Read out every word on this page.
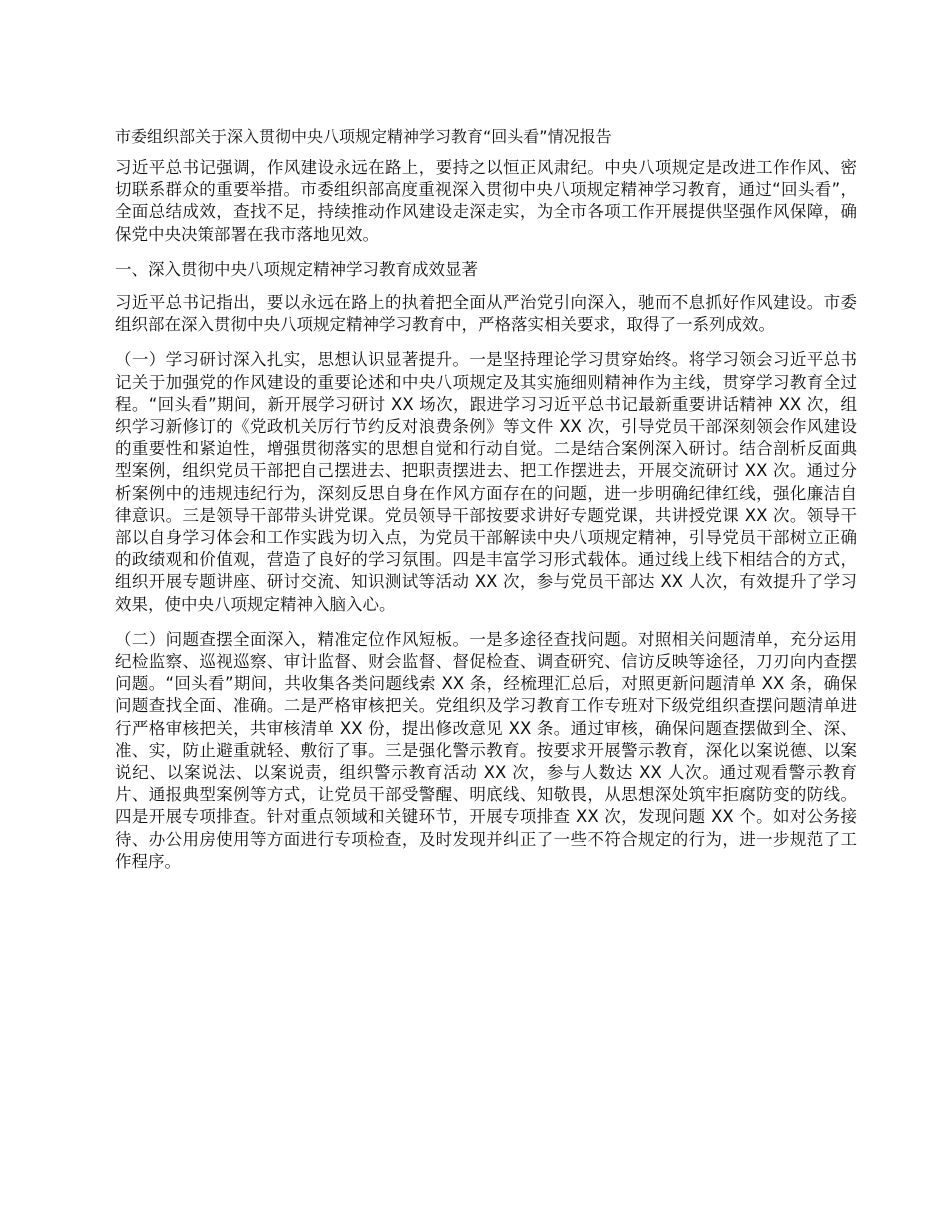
市委组织部关于深入贯彻中央八项规定精神学习教育“回头看”情况报告

习近平总书记强调，作风建设永远在路上，要持之以恒正风肃纪。中央八项规定是改进工作作风、密切联系群众的重要举措。市委组织部高度重视深入贯彻中央八项规定精神学习教育，通过“回头看”，全面总结成效，查找不足，持续推动作风建设走深走实，为全市各项工作开展提供坚强作风保障，确保党中央决策部署在我市落地见效。

一、深入贯彻中央八项规定精神学习教育成效显著

习近平总书记指出，要以永远在路上的执着把全面从严治党引向深入，驰而不息抓好作风建设。市委组织部在深入贯彻中央八项规定精神学习教育中，严格落实相关要求，取得了一系列成效。

（一）学习研讨深入扎实，思想认识显著提升。一是坚持理论学习贯穿始终。将学习领会习近平总书记关于加强党的作风建设的重要论述和中央八项规定及其实施细则精神作为主线，贯穿学习教育全过程。“回头看”期间，新开展学习研讨 XX 场次，跟进学习习近平总书记最新重要讲话精神 XX 次，组织学习新修订的《党政机关厉行节约反对浪费条例》等文件 XX 次，引导党员干部深刻领会作风建设的重要性和紧迫性，增强贯彻落实的思想自觉和行动自觉。二是结合案例深入研讨。结合剖析反面典型案例，组织党员干部把自己摆进去、把职责摆进去、把工作摆进去，开展交流研讨 XX 次。通过分析案例中的违规违纪行为，深刻反思自身在作风方面存在的问题，进一步明确纪律红线，强化廉洁自律意识。三是领导干部带头讲党课。党员领导干部按要求讲好专题党课，共讲授党课 XX 次。领导干部以自身学习体会和工作实践为切入点，为党员干部解读中央八项规定精神，引导党员干部树立正确的政绩观和价值观，营造了良好的学习氛围。四是丰富学习形式载体。通过线上线下相结合的方式，组织开展专题讲座、研讨交流、知识测试等活动 XX 次，参与党员干部达 XX 人次，有效提升了学习效果，使中央八项规定精神入脑入心。

（二）问题查摆全面深入，精准定位作风短板。一是多途径查找问题。对照相关问题清单，充分运用纪检监察、巡视巡察、审计监督、财会监督、督促检查、调查研究、信访反映等途径，刀刃向内查摆问题。“回头看”期间，共收集各类问题线索 XX 条，经梳理汇总后，对照更新问题清单 XX 条，确保问题查找全面、准确。二是严格审核把关。党组织及学习教育工作专班对下级党组织查摆问题清单进行严格审核把关，共审核清单 XX 份，提出修改意见 XX 条。通过审核，确保问题查摆做到全、深、准、实，防止避重就轻、敷衍了事。三是强化警示教育。按要求开展警示教育，深化以案说德、以案说纪、以案说法、以案说责，组织警示教育活动 XX 次，参与人数达 XX 人次。通过观看警示教育片、通报典型案例等方式，让党员干部受警醒、明底线、知敬畏，从思想深处筑牢拒腐防变的防线。四是开展专项排查。针对重点领域和关键环节，开展专项排查 XX 次，发现问题 XX 个。如对公务接待、办公用房使用等方面进行专项检查，及时发现并纠正了一些不符合规定的行为，进一步规范了工作程序。
